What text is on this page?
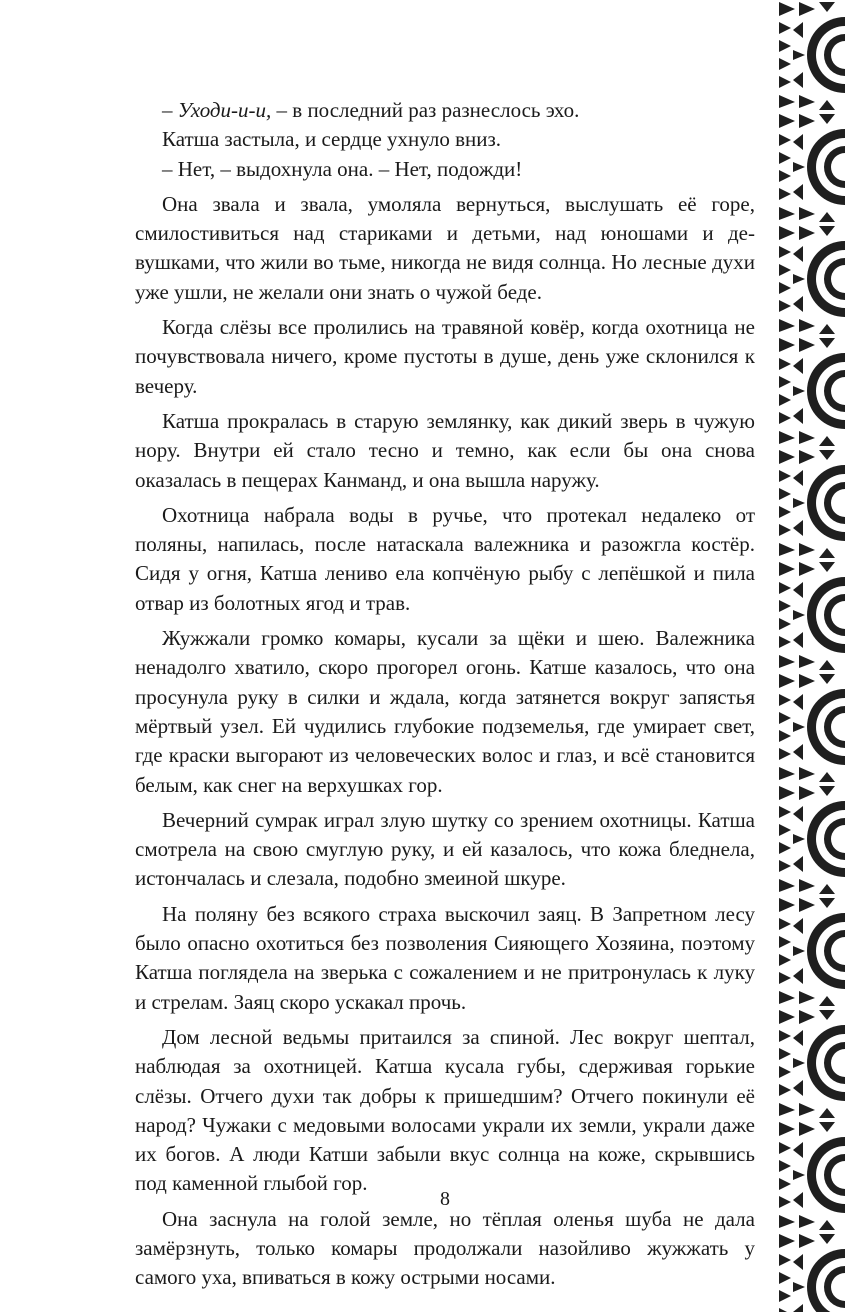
– Уходи-и-и, – в последний раз разнеслось эхо.

Катша застыла, и сердце ухнуло вниз.

– Нет, – выдохнула она. – Нет, подожди!

Она звала и звала, умоляла вернуться, выслушать её горе, смилостивиться над стариками и детьми, над юношами и девушками, что жили во тьме, никогда не видя солнца. Но лесные духи уже ушли, не желали они знать о чужой беде.

Когда слёзы все пролились на травяной ковёр, когда охотница не почувствовала ничего, кроме пустоты в душе, день уже склонился к вечеру.

Катша прокралась в старую землянку, как дикий зверь в чужую нору. Внутри ей стало тесно и темно, как если бы она снова оказалась в пещерах Канманд, и она вышла наружу.

Охотница набрала воды в ручье, что протекал недалеко от поляны, напилась, после натаскала валежника и разожгла костёр. Сидя у огня, Катша лениво ела копчёную рыбу с лепёшкой и пила отвар из болотных ягод и трав.

Жужжали громко комары, кусали за щёки и шею. Валежника ненадолго хватило, скоро прогорел огонь. Катше казалось, что она просунула руку в силки и ждала, когда затянется вокруг запястья мёртвый узел. Ей чудились глубокие подземелья, где умирает свет, где краски выгорают из человеческих волос и глаз, и всё становится белым, как снег на верхушках гор.

Вечерний сумрак играл злую шутку со зрением охотницы. Катша смотрела на свою смуглую руку, и ей казалось, что кожа бледнела, истончалась и слезала, подобно змеиной шкуре.

На поляну без всякого страха выскочил заяц. В Запретном лесу было опасно охотиться без позволения Сияющего Хозяина, поэтому Катша поглядела на зверька с сожалением и не притронулась к луку и стрелам. Заяц скоро ускакал прочь.

Дом лесной ведьмы притаился за спиной. Лес вокруг шептал, наблюдая за охотницей. Катша кусала губы, сдерживая горькие слёзы. Отчего духи так добры к пришедшим? Отчего покинули её народ? Чужаки с медовыми волосами украли их земли, украли даже их богов. А люди Катши забыли вкус солнца на коже, скрывшись под каменной глыбой гор.

Она заснула на голой земле, но тёплая оленья шуба не дала замёрзнуть, только комары продолжали назойливо жужжать у самого уха, впиваться в кожу острыми носами.

8
